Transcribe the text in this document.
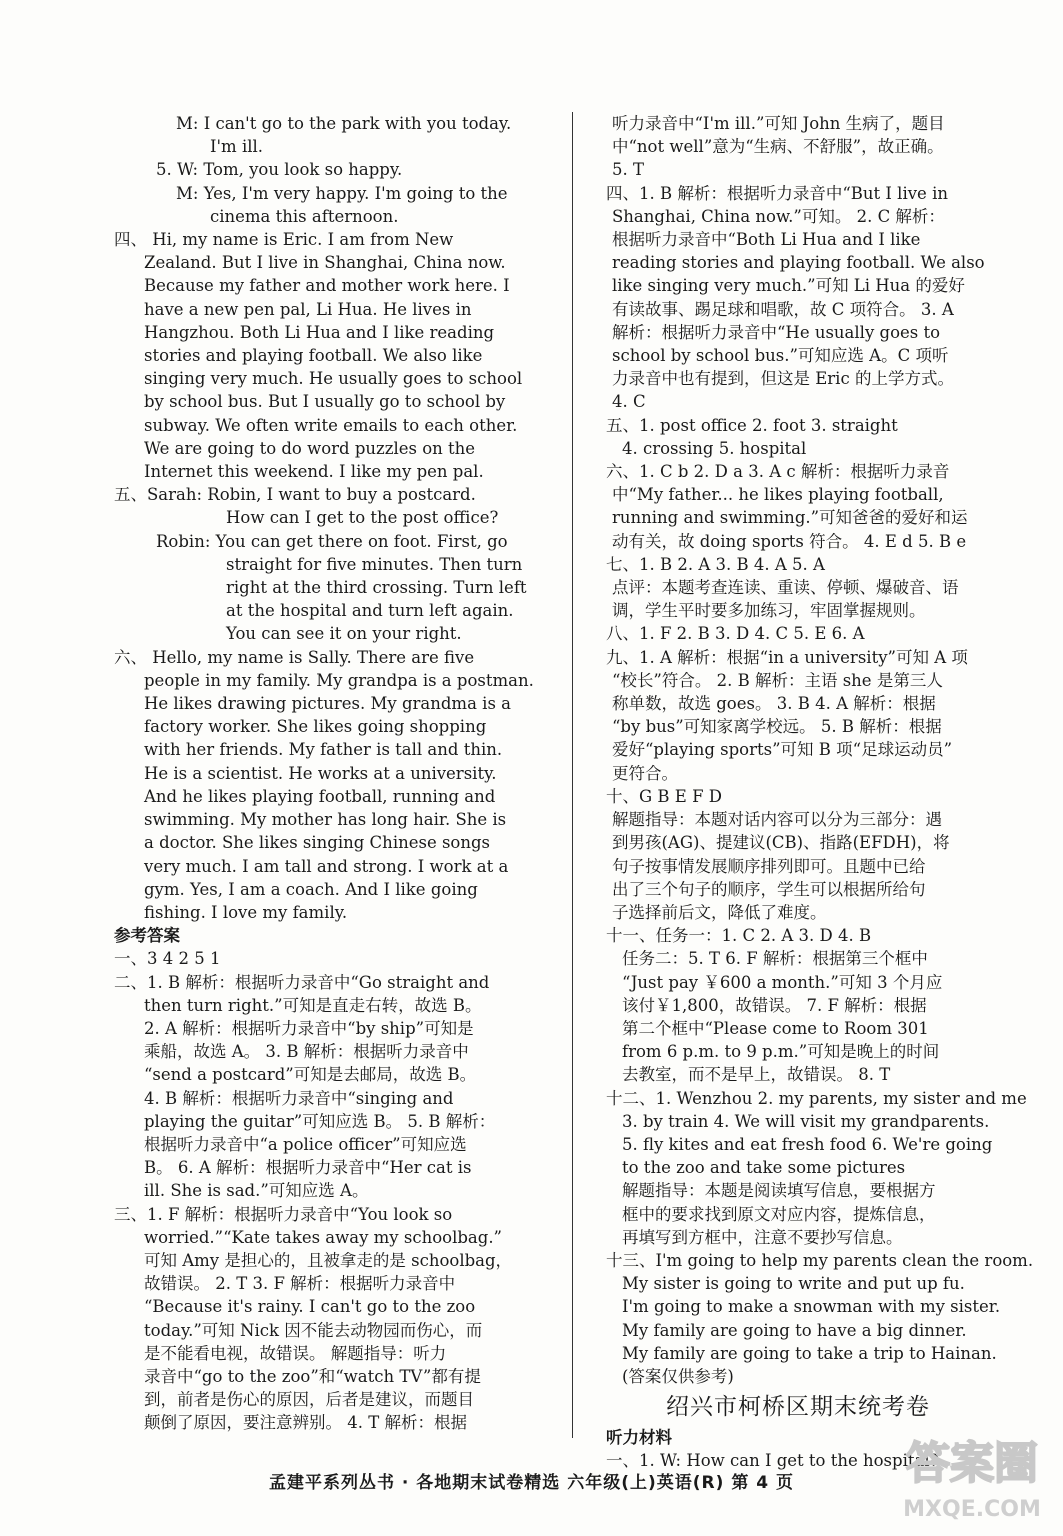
M: I can't go to the park with you today.

I'm ill.

5. W: Tom, you look so happy.

M: Yes, I'm very happy. I'm going to the

cinema this afternoon.

四、 Hi, my name is Eric. I am from New

Zealand. But I live in Shanghai, China now.

Because my father and mother work here. I

have a new pen pal, Li Hua. He lives in

Hangzhou. Both Li Hua and I like reading

stories and playing football. We also like

singing very much. He usually goes to school

by school bus. But I usually go to school by

subway. We often write emails to each other.

We are going to do word puzzles on the

Internet this weekend. I like my pen pal.

五、Sarah: Robin, I want to buy a postcard.

How can I get to the post office?

Robin: You can get there on foot. First, go

straight for five minutes. Then turn

right at the third crossing. Turn left

at the hospital and turn left again.

You can see it on your right.

六、 Hello, my name is Sally. There are five

people in my family. My grandpa is a postman.

He likes drawing pictures. My grandma is a

factory worker. She likes going shopping

with her friends. My father is tall and thin.

He is a scientist. He works at a university.

And he likes playing football, running and

swimming. My mother has long hair. She is

a doctor. She likes singing Chinese songs

very much. I am tall and strong. I work at a

gym. Yes, I am a coach. And I like going

fishing. I love my family.

参考答案

一、3 4 2 5 1

二、1. B 解析：根据听力录音中“Go straight and

then turn right.”可知是直走右转，故选 B。

2. A 解析：根据听力录音中“by ship”可知是

乘船，故选 A。 3. B 解析：根据听力录音中

“send a postcard”可知是去邮局，故选 B。

4. B 解析：根据听力录音中“singing and

playing the guitar”可知应选 B。 5. B 解析：

根据听力录音中“a police officer”可知应选

B。 6. A 解析：根据听力录音中“Her cat is

ill. She is sad.”可知应选 A。

三、1. F 解析：根据听力录音中“You look so

worried.”“Kate takes away my schoolbag.”

可知 Amy 是担心的，且被拿走的是 schoolbag，

故错误。 2. T 3. F 解析：根据听力录音中

“Because it's rainy. I can't go to the zoo

today.”可知 Nick 因不能去动物园而伤心，而

是不能看电视，故错误。 解题指导：听力

录音中“go to the zoo”和“watch TV”都有提

到，前者是伤心的原因，后者是建议，而题目

颠倒了原因，要注意辨别。 4. T 解析：根据

听力录音中“I'm ill.”可知 John 生病了，题目

中“not well”意为“生病、不舒服”，故正确。

5. T

四、1. B 解析：根据听力录音中“But I live in

Shanghai, China now.”可知。 2. C 解析：

根据听力录音中“Both Li Hua and I like

reading stories and playing football. We also

like singing very much.”可知 Li Hua 的爱好

有读故事、踢足球和唱歌，故 C 项符合。 3. A

解析：根据听力录音中“He usually goes to

school by school bus.”可知应选 A。C 项听

力录音中也有提到，但这是 Eric 的上学方式。

4. C

五、1. post office 2. foot 3. straight

4. crossing 5. hospital

六、1. C b 2. D a 3. A c 解析：根据听力录音

中“My father... he likes playing football,

running and swimming.”可知爸爸的爱好和运

动有关，故 doing sports 符合。 4. E d 5. B e

七、1. B 2. A 3. B 4. A 5. A

点评：本题考查连读、重读、停顿、爆破音、语

调，学生平时要多加练习，牢固掌握规则。

八、1. F 2. B 3. D 4. C 5. E 6. A

九、1. A 解析：根据“in a university”可知 A 项

“校长”符合。 2. B 解析：主语 she 是第三人

称单数，故选 goes。 3. B 4. A 解析：根据

“by bus”可知家离学校远。 5. B 解析：根据

爱好“playing sports”可知 B 项“足球运动员”

更符合。

十、G B E F D

解题指导：本题对话内容可以分为三部分：遇

到男孩(AG)、提建议(CB)、指路(EFDH)，将

句子按事情发展顺序排列即可。且题中已给

出了三个句子的顺序，学生可以根据所给句

子选择前后文，降低了难度。

十一、任务一：1. C 2. A 3. D 4. B

任务二：5. T 6. F 解析：根据第三个框中

“Just pay ￥600 a month.”可知 3 个月应

该付￥1,800，故错误。 7. F 解析：根据

第二个框中“Please come to Room 301

from 6 p.m. to 9 p.m.”可知是晚上的时间

去教室，而不是早上，故错误。 8. T

十二、1. Wenzhou 2. my parents, my sister and me

3. by train 4. We will visit my grandparents.

5. fly kites and eat fresh food 6. We're going

to the zoo and take some pictures

解题指导：本题是阅读填写信息，要根据方

框中的要求找到原文对应内容，提炼信息，

再填写到方框中，注意不要抄写信息。

十三、I'm going to help my parents clean the room.

My sister is going to write and put up fu.

I'm going to make a snowman with my sister.

My family are going to have a big dinner.

My family are going to take a trip to Hainan.

(答案仅供参考)

绍兴市柯桥区期末统考卷

听力材料

一、1. W: How can I get to the hospital?

孟建平系列丛书 · 各地期末试卷精选 六年级(上)英语(R) 第 4 页	答案圈
MXQE.COM
